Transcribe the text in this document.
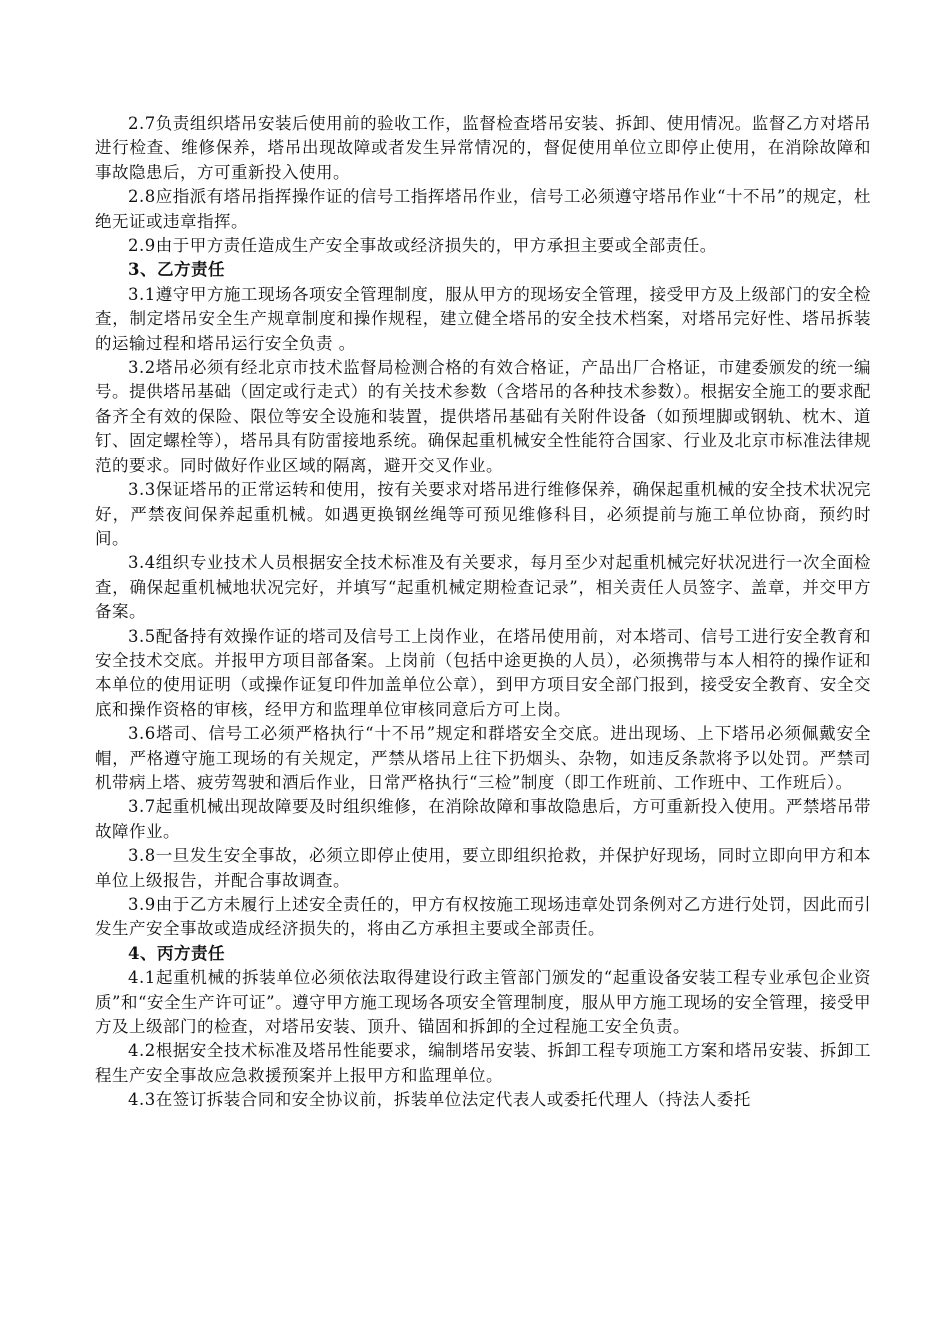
2.7负责组织塔吊安装后使用前的验收工作，监督检查塔吊安装、拆卸、使用情况。监督乙方对塔吊进行检查、维修保养，塔吊出现故障或者发生异常情况的，督促使用单位立即停止使用，在消除故障和事故隐患后，方可重新投入使用。

2.8应指派有塔吊指挥操作证的信号工指挥塔吊作业，信号工必须遵守塔吊作业“十不吊”的规定，杜绝无证或违章指挥。

2.9由于甲方责任造成生产安全事故或经济损失的，甲方承担主要或全部责任。

3、乙方责任

3.1遵守甲方施工现场各项安全管理制度，服从甲方的现场安全管理，接受甲方及上级部门的安全检查，制定塔吊安全生产规章制度和操作规程，建立健全塔吊的安全技术档案，对塔吊完好性、塔吊拆装的运输过程和塔吊运行安全负责 。

3.2塔吊必须有经北京市技术监督局检测合格的有效合格证，产品出厂合格证，市建委颁发的统一编号。提供塔吊基础（固定或行走式）的有关技术参数（含塔吊的各种技术参数）。根据安全施工的要求配备齐全有效的保险、限位等安全设施和装置，提供塔吊基础有关附件设备（如预埋脚或钢轨、枕木、道钉、固定螺栓等），塔吊具有防雷接地系统。确保起重机械安全性能符合国家、行业及北京市标准法律规范的要求。同时做好作业区域的隔离，避开交叉作业。

3.3保证塔吊的正常运转和使用，按有关要求对塔吊进行维修保养，确保起重机械的安全技术状况完好，严禁夜间保养起重机械。如遇更换钢丝绳等可预见维修科目，必须提前与施工单位协商，预约时间。

3.4组织专业技术人员根据安全技术标准及有关要求，每月至少对起重机械完好状况进行一次全面检查，确保起重机械地状况完好，并填写“起重机械定期检查记录”，相关责任人员签字、盖章，并交甲方备案。

3.5配备持有效操作证的塔司及信号工上岗作业，在塔吊使用前，对本塔司、信号工进行安全教育和安全技术交底。并报甲方项目部备案。上岗前（包括中途更换的人员），必须携带与本人相符的操作证和本单位的使用证明（或操作证复印件加盖单位公章），到甲方项目安全部门报到，接受安全教育、安全交底和操作资格的审核，经甲方和监理单位审核同意后方可上岗。

3.6塔司、信号工必须严格执行“十不吊”规定和群塔安全交底。进出现场、上下塔吊必须佩戴安全帽，严格遵守施工现场的有关规定，严禁从塔吊上往下扔烟头、杂物，如违反条款将予以处罚。严禁司机带病上塔、疲劳驾驶和酒后作业，日常严格执行“三检”制度（即工作班前、工作班中、工作班后）。

3.7起重机械出现故障要及时组织维修，在消除故障和事故隐患后，方可重新投入使用。严禁塔吊带故障作业。

3.8一旦发生安全事故，必须立即停止使用，要立即组织抢救，并保护好现场，同时立即向甲方和本单位上级报告，并配合事故调查。

3.9由于乙方未履行上述安全责任的，甲方有权按施工现场违章处罚条例对乙方进行处罚，因此而引发生产安全事故或造成经济损失的，将由乙方承担主要或全部责任。

4、丙方责任

4.1起重机械的拆装单位必须依法取得建设行政主管部门颁发的“起重设备安装工程专业承包企业资质”和“安全生产许可证”。遵守甲方施工现场各项安全管理制度，服从甲方施工现场的安全管理，接受甲方及上级部门的检查，对塔吊安装、顶升、锚固和拆卸的全过程施工安全负责。

4.2根据安全技术标准及塔吊性能要求，编制塔吊安装、拆卸工程专项施工方案和塔吊安装、拆卸工程生产安全事故应急救援预案并上报甲方和监理单位。

4.3在签订拆装合同和安全协议前，拆装单位法定代表人或委托代理人（持法人委托
